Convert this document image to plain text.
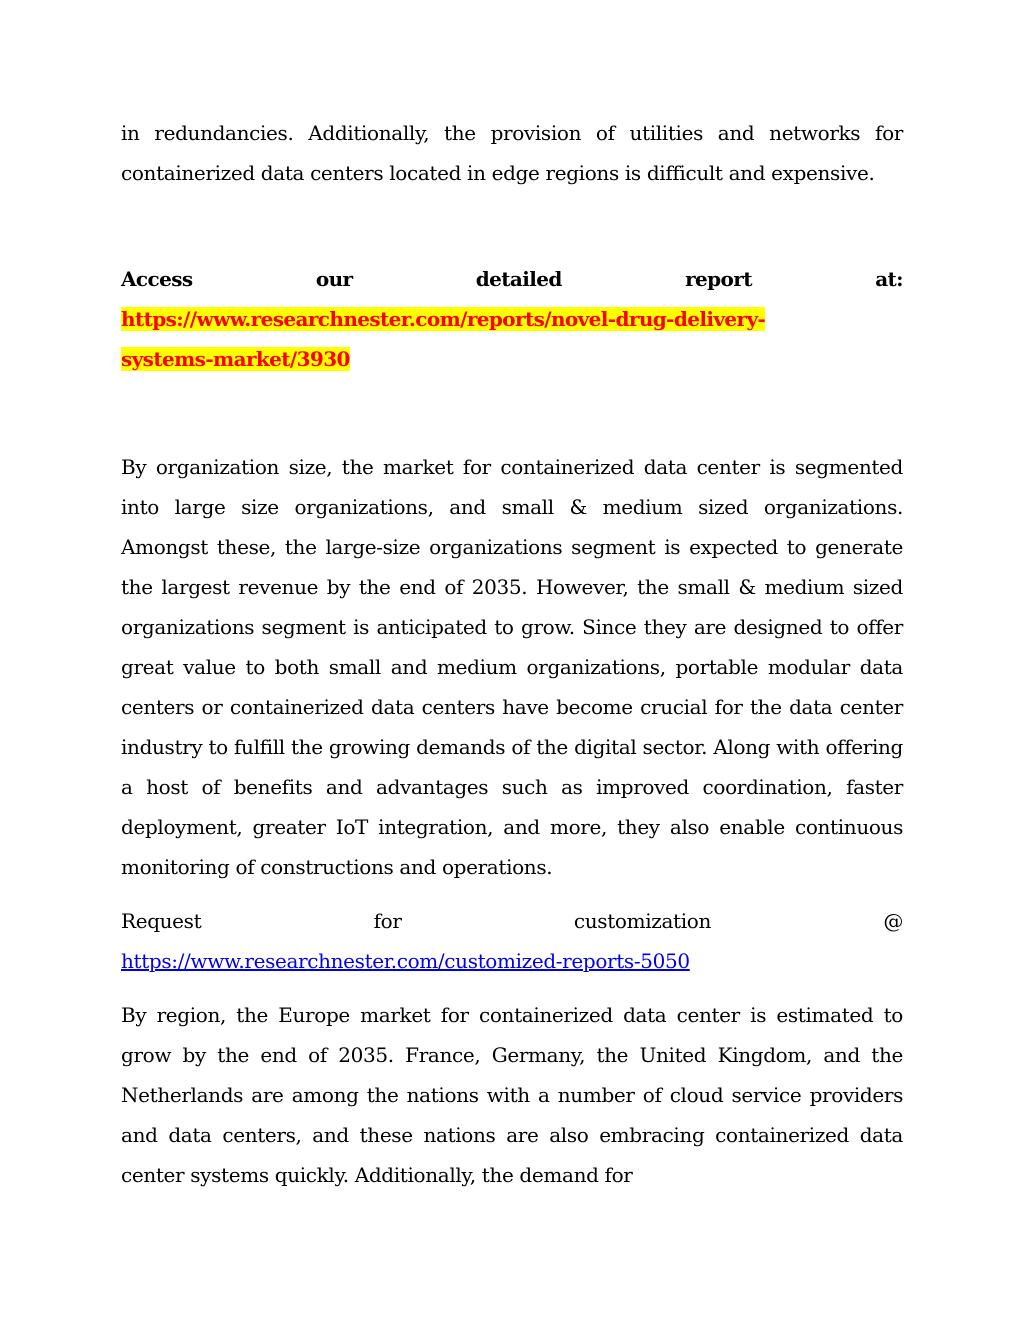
in redundancies. Additionally, the provision of utilities and networks for containerized data centers located in edge regions is difficult and expensive.

Access	our	detailed	report	at:
https://www.researchnester.com/reports/novel-drug-delivery-
systems-market/3930

By organization size, the market for containerized data center is segmented into large size organizations, and small & medium sized organizations. Amongst these, the large-size organizations segment is expected to generate the largest revenue by the end of 2035. However, the small & medium sized organizations segment is anticipated to grow. Since they are designed to offer great value to both small and medium organizations, portable modular data centers or containerized data centers have become crucial for the data center industry to fulfill the growing demands of the digital sector. Along with offering a host of benefits and advantages such as improved coordination, faster deployment, greater IoT integration, and more, they also enable continuous monitoring of constructions and operations.

Request	for	customization	@
https://www.researchnester.com/customized-reports-5050

By region, the Europe market for containerized data center is estimated to grow by the end of 2035. France, Germany, the United Kingdom, and the Netherlands are among the nations with a number of cloud service providers and data centers, and these nations are also embracing containerized data center systems quickly. Additionally, the demand for
